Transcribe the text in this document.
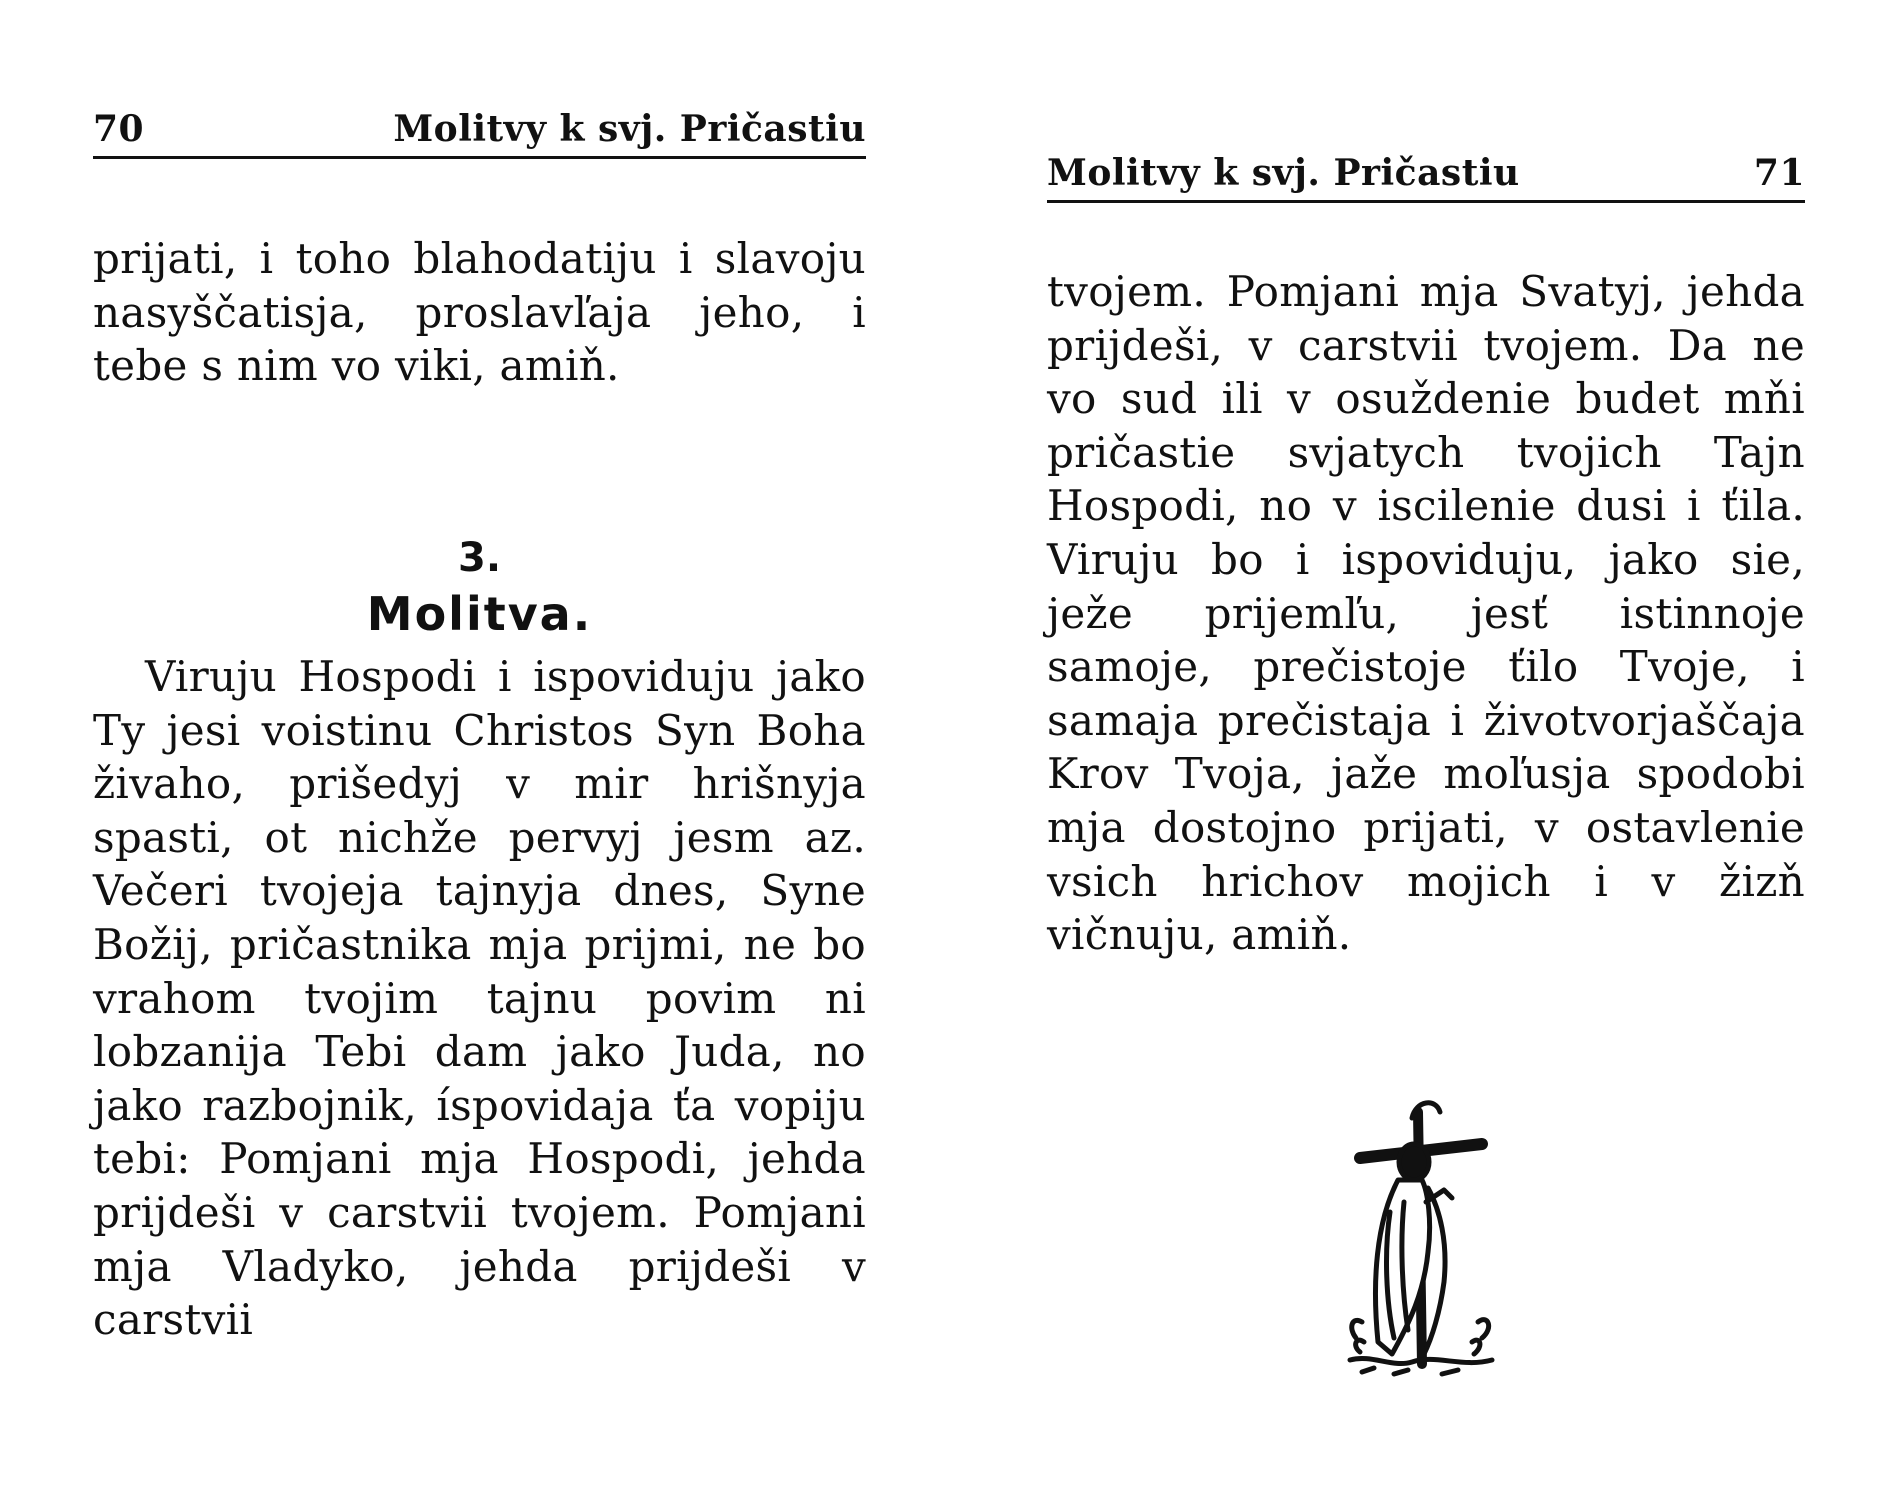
70	Molitvy k svj. Pričastiu

prijati, i toho blahodatiju i slavoju nasyščatisja, proslavľaja jeho, i tebe s nim vo viki, amiň.

3.
Molitva.

Viruju Hospodi i ispoviduju jako Ty jesi voistinu Christos Syn Boha živaho, prišedyj v mir hrišnyja spasti, ot nichže pervyj jesm az. Večeri tvojeja tajnyja dnes, Syne Božij, pričastnika mja prijmi, ne bo vrahom tvojim tajnu povim ni lobzanija Tebi dam jako Juda, no jako razbojnik, íspovidaja ťa vopiju tebi: Pomjani mja Hospodi, jehda prijdeši v carstvii tvojem. Pomjani mja Vladyko, jehda prijdeši v carstvii

Molitvy k svj. Pričastiu	71

tvojem. Pomjani mja Svatyj, jehda prijdeši, v carstvii tvojem. Da ne vo sud ili v osuždenie budet mňi pričastie svjatych tvojich Tajn Hospodi, no v iscilenie dusi i ťila. Viruju bo i ispoviduju, jako sie, ježe prijemľu, jesť istinnoje samoje, prečistoje ťilo Tvoje, i samaja prečistaja i životvorjaščaja Krov Tvoja, jaže moľusja spodobi mja dostojno prijati, v ostavlenie vsich hrichov mojich i v žizň vičnuju, amiň.
